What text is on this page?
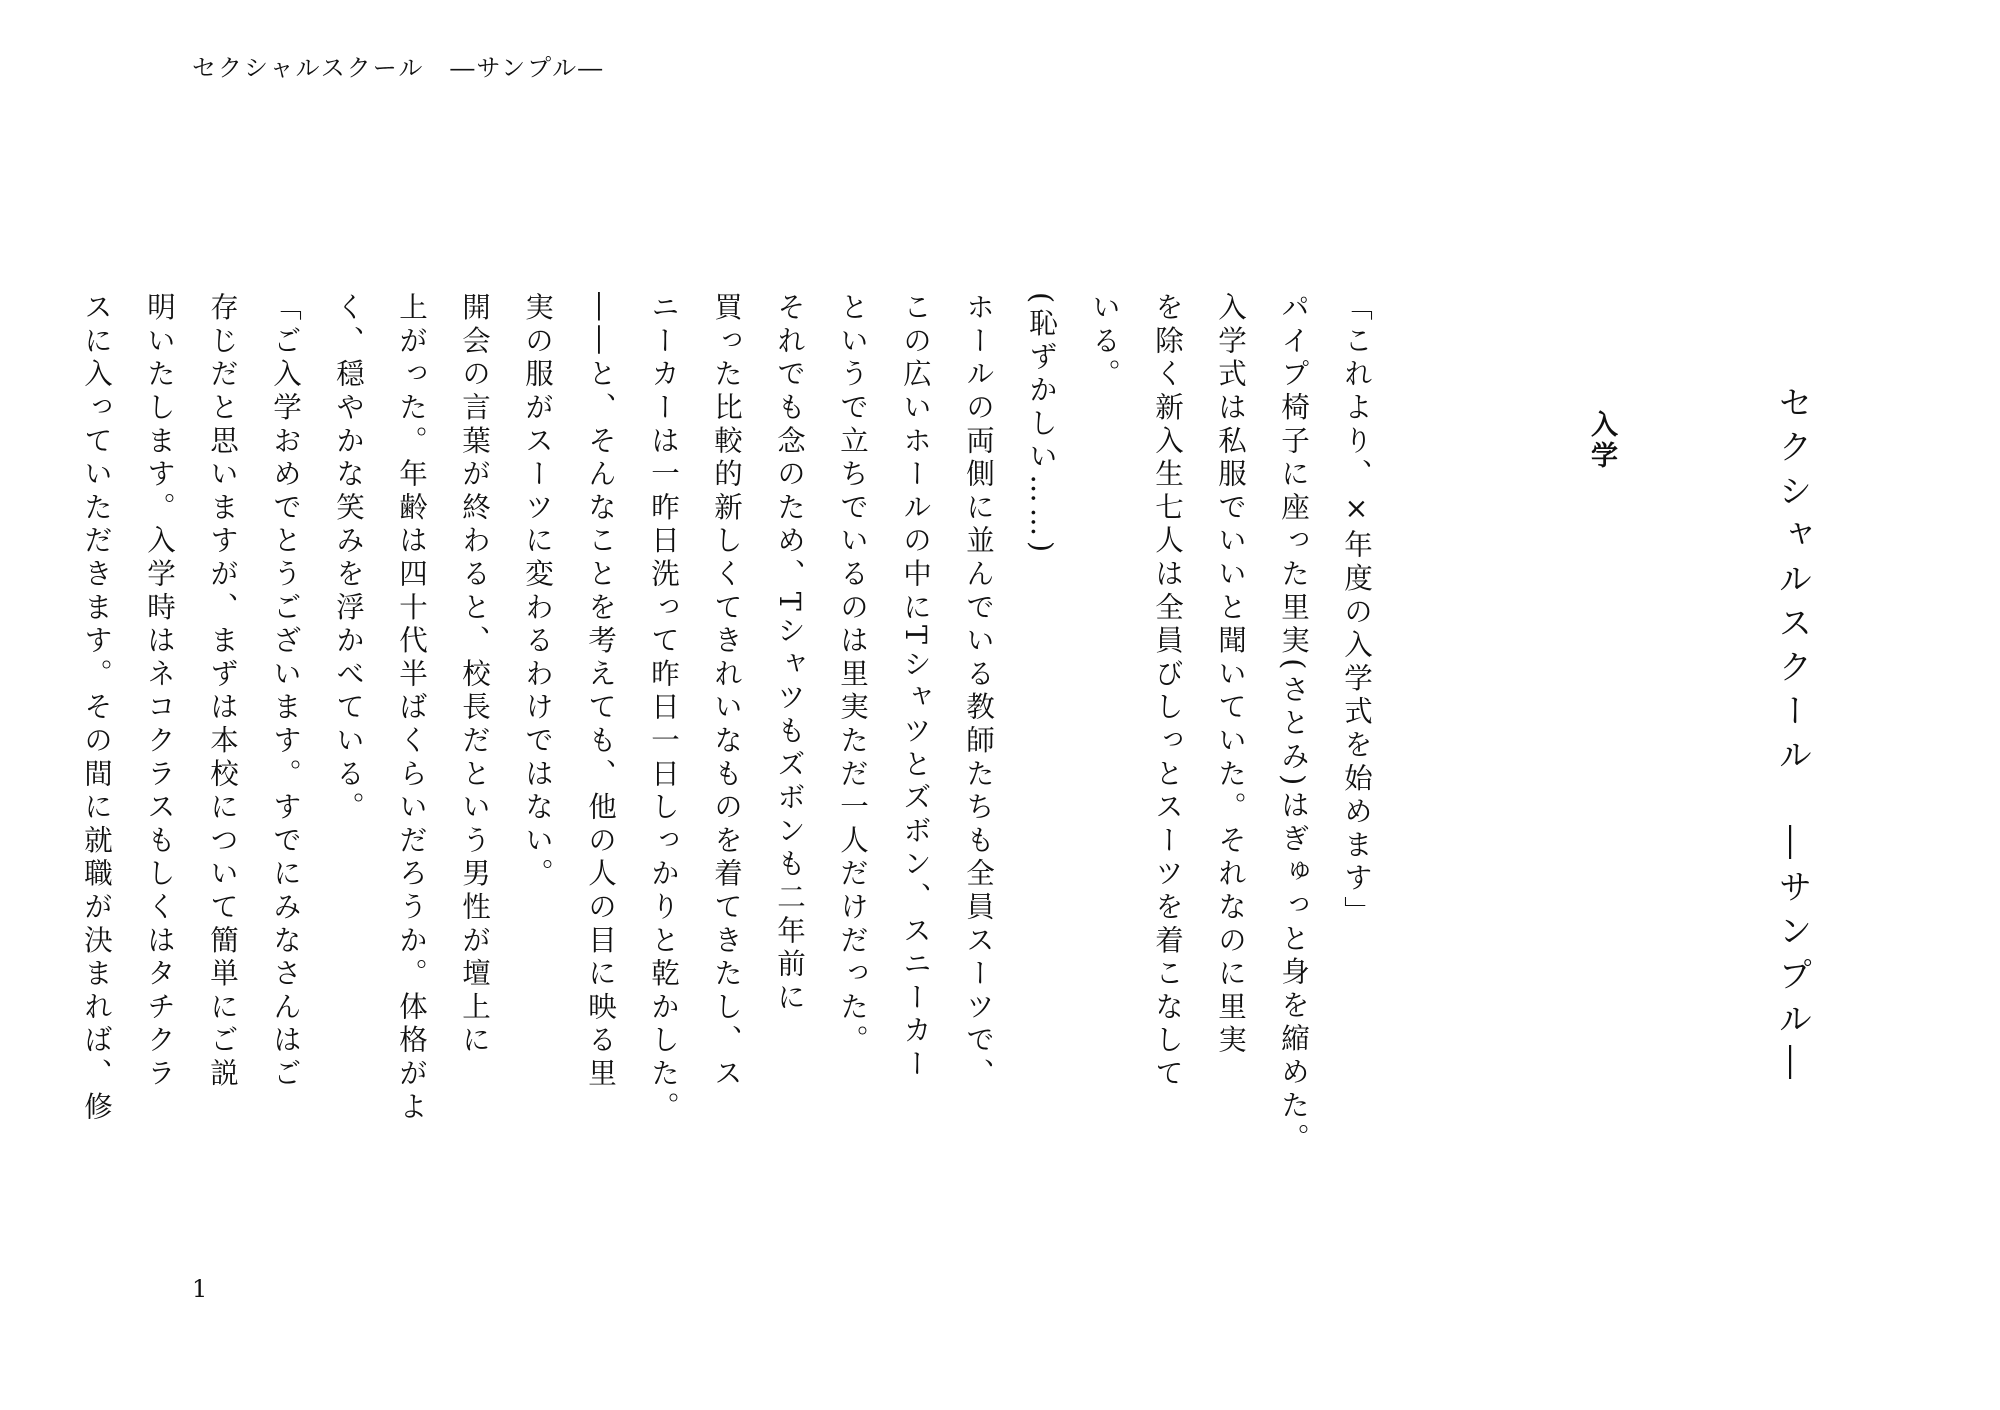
セクシャルスクール　―サンプル―
セクシャルスクール　―サンプル―
入学

「これより、×年度の入学式を始めます」

パイプ椅子に座った里実(さとみ)はぎゅっと身を縮めた。

入学式は私服でいいと聞いていた。それなのに里実

を除く新入生七人は全員びしっとスーツを着こなして

いる。

(恥ずかしい……)

ホールの両側に並んでいる教師たちも全員スーツで、

この広いホールの中にTシャツとズボン、スニーカー

というで立ちでいるのは里実ただ一人だけだった。

それでも念のため、Tシャツもズボンも二年前に

買った比較的新しくてきれいなものを着てきたし、ス

ニーカーは一昨日洗って昨日一日しっかりと乾かした。

――と、そんなことを考えても、他の人の目に映る里

実の服がスーツに変わるわけではない。

開会の言葉が終わると、校長だという男性が壇上に

上がった。年齢は四十代半ばくらいだろうか。体格がよ

く、穏やかな笑みを浮かべている。

「ご入学おめでとうございます。すでにみなさんはご

存じだと思いますが、まずは本校について簡単にご説

明いたします。入学時はネコクラスもしくはタチクラ

スに入っていただきます。その間に就職が決まれば、修

1
